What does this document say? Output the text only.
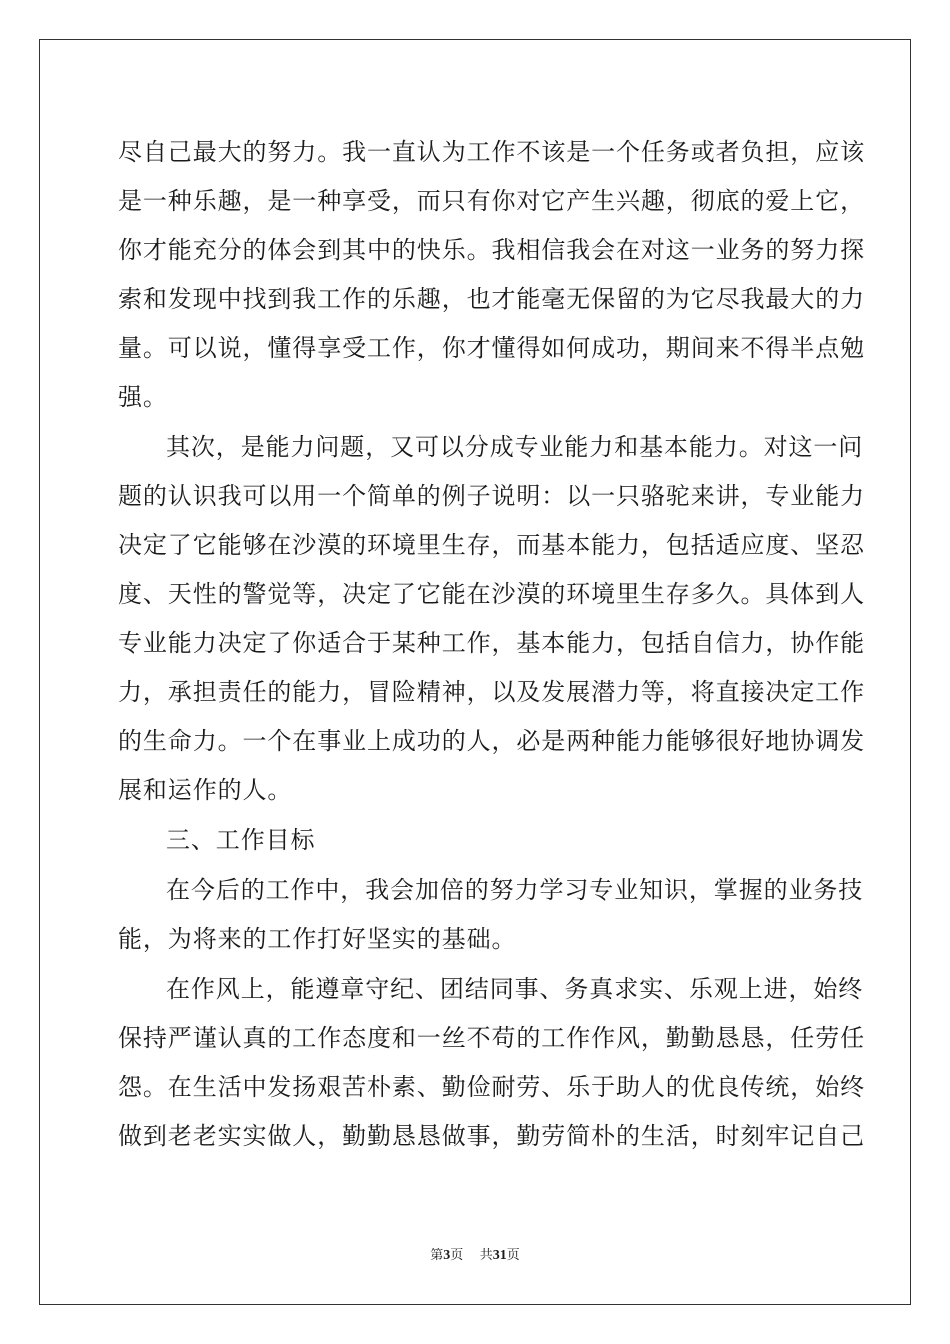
尽自己最大的努力。我一直认为工作不该是一个任务或者负担，应该
是一种乐趣，是一种享受，而只有你对它产生兴趣，彻底的爱上它，
你才能充分的体会到其中的快乐。我相信我会在对这一业务的努力探
索和发现中找到我工作的乐趣，也才能毫无保留的为它尽我最大的力
量。可以说，懂得享受工作，你才懂得如何成功，期间来不得半点勉
强。
其次，是能力问题，又可以分成专业能力和基本能力。对这一问
题的认识我可以用一个简单的例子说明：以一只骆驼来讲，专业能力
决定了它能够在沙漠的环境里生存，而基本能力，包括适应度、坚忍
度、天性的警觉等，决定了它能在沙漠的环境里生存多久。具体到人
专业能力决定了你适合于某种工作，基本能力，包括自信力，协作能
力，承担责任的能力，冒险精神，以及发展潜力等，将直接决定工作
的生命力。一个在事业上成功的人，必是两种能力能够很好地协调发
展和运作的人。
三、工作目标
在今后的工作中，我会加倍的努力学习专业知识，掌握的业务技
能，为将来的工作打好坚实的基础。
在作风上，能遵章守纪、团结同事、务真求实、乐观上进，始终
保持严谨认真的工作态度和一丝不苟的工作作风，勤勤恳恳，任劳任
怨。在生活中发扬艰苦朴素、勤俭耐劳、乐于助人的优良传统，始终
做到老老实实做人，勤勤恳恳做事，勤劳简朴的生活，时刻牢记自己
第3页 共31页
